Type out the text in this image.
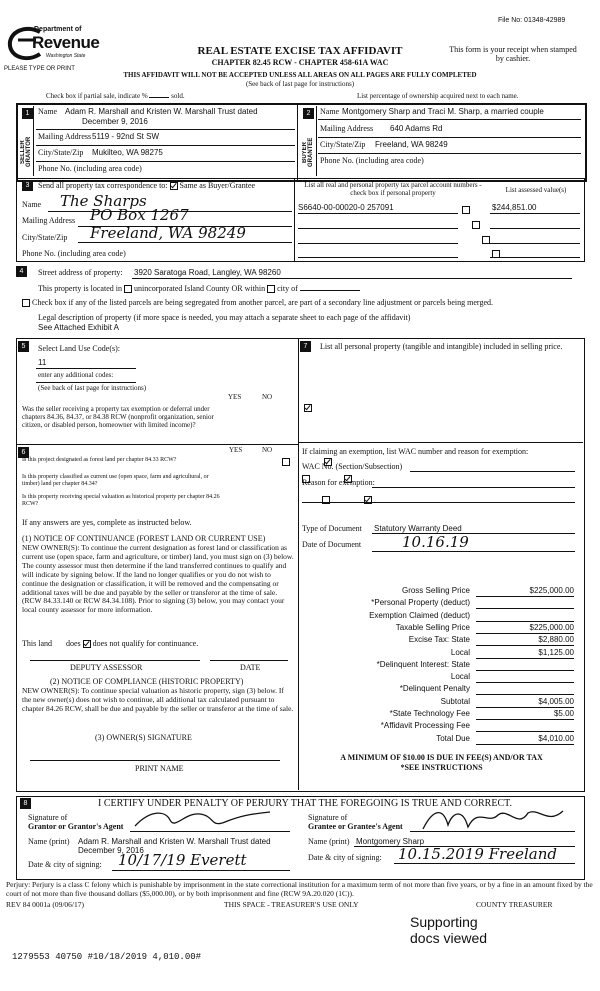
File No: 01348-42989
Department of
Revenue
Washington State
PLEASE TYPE OR PRINT
REAL ESTATE EXCISE TAX AFFIDAVIT
CHAPTER 82.45 RCW - CHAPTER 458-61A WAC
This form is your receipt when stamped by cashier.
THIS AFFIDAVIT WILL NOT BE ACCEPTED UNLESS ALL AREAS ON ALL PAGES ARE FULLY COMPLETED
(See back of last page for instructions)
Check box if partial sale, indicate %	sold.	List percentage of ownership acquired next to each name.
1	2
SELLER GRANTOR	BUYER GRANTEE
Name Adam R. Marshall and Kristen W. Marshall Trust dated
December 9, 2016
Mailing Address 5119 - 92nd St SW
City/State/Zip Mukilteo, WA 98275
Phone No. (including area code)
Name Montgomery Sharp and Traci M. Sharp, a married couple
Mailing Address 640 Adams Rd
City/State/Zip Freeland, WA 98249
Phone No. (including area code)
3	Send all property tax correspondence to: Same as Buyer/Grantee
Name The Sharps
Mailing Address PO Box 1267
City/State/Zip Freeland, WA 98249
Phone No. (including area code)
List all real and personal property tax parcel account numbers - check box if personal property	List assessed value(s)
S6640-00-00020-0 257091	$244,851.00

4	Street address of property: 3920 Saratoga Road, Langley, WA 98260
This property is located in unincorporated Island County OR within city of
Check box if any of the listed parcels are being segregated from another parcel, are part of a secondary line adjustment or parcels being merged.
Legal description of property (if more space is needed, you may attach a separate sheet to each page of the affidavit)
See Attached Exhibit A
5	Select Land Use Code(s):
11
enter any additional codes:
(See back of last page for instructions)
YES	NO
Was the seller receiving a property tax exemption or deferral under chapters 84.36, 84.37, or 84.38 RCW (nonprofit organization, senior citizen, or disabled person, homeowner with limited income)?

6	YES	NO
Is this project designated as forest land per chapter 84.33 RCW?

Is this property classified as current use (open space, farm and agricultural, or timber) land per chapter 84.34?

Is this property receiving special valuation as historical property per chapter 84.26 RCW?

If any answers are yes, complete as instructed below.
(1) NOTICE OF CONTINUANCE (FOREST LAND OR CURRENT USE)
NEW OWNER(S): To continue the current designation as forest land or classification as current use (open space, farm and agriculture, or timber) land, you must sign on (3) below. The county assessor must then determine if the land transferred continues to qualify and will indicate by signing below. If the land no longer qualifies or you do not wish to continue the designation or classification, it will be removed and the compensating or additional taxes will be due and payable by the seller or transferor at the time of sale. (RCW 84.33.140 or RCW 84.34.108). Prior to signing (3) below, you may contact your local county assessor for more information.
This land does does not qualify for continuance.
DEPUTY ASSESSOR	DATE
(2) NOTICE OF COMPLIANCE (HISTORIC PROPERTY)
NEW OWNER(S): To continue special valuation as historic property, sign (3) below. If the new owner(s) does not wish to continue, all additional tax calculated pursuant to chapter 84.26 RCW, shall be due and payable by the seller or transferor at the time of sale.
(3) OWNER(S) SIGNATURE
PRINT NAME
7	List all personal property (tangible and intangible) included in selling price.
If claiming an exemption, list WAC number and reason for exemption:
WAC No. (Section/Subsection)
Reason for exemption:
Type of Document Statutory Warranty Deed
Date of Document	10.16.19
Gross Selling Price	$225,000.00
*Personal Property (deduct)
Exemption Claimed (deduct)
Taxable Selling Price	$225,000.00
Excise Tax: State	$2,880.00
Local	$1,125.00
*Delinquent Interest: State
Local
*Delinquent Penalty
Subtotal	$4,005.00
*State Technology Fee	$5.00
*Affidavit Processing Fee
Total Due	$4,010.00
A MINIMUM OF $10.00 IS DUE IN FEE(S) AND/OR TAX
*SEE INSTRUCTIONS
8	I CERTIFY UNDER PENALTY OF PERJURY THAT THE FOREGOING IS TRUE AND CORRECT.
Signature of
Grantor or Grantor's Agent
Name (print) Adam R. Marshall and Kristen W. Marshall Trust dated
December 9, 2016
Date & city of signing: 10/17/19 Everett
Signature of
Grantee or Grantee's Agent
Name (print) Montgomery Sharp
Date & city of signing: 10.15.2019 Freeland
Perjury: Perjury is a class C felony which is punishable by imprisonment in the state correctional institution for a maximum term of not more than five years, or by a fine in an amount fixed by the court of not more than five thousand dollars ($5,000.00), or by both imprisonment and fine (RCW 9A.20.020 (1C)).
REV 84 0001a (09/06/17)	THIS SPACE - TREASURER'S USE ONLY	COUNTY TREASURER
Supporting
docs viewed
1279553 40750 #10/18/2019 4,010.00#
